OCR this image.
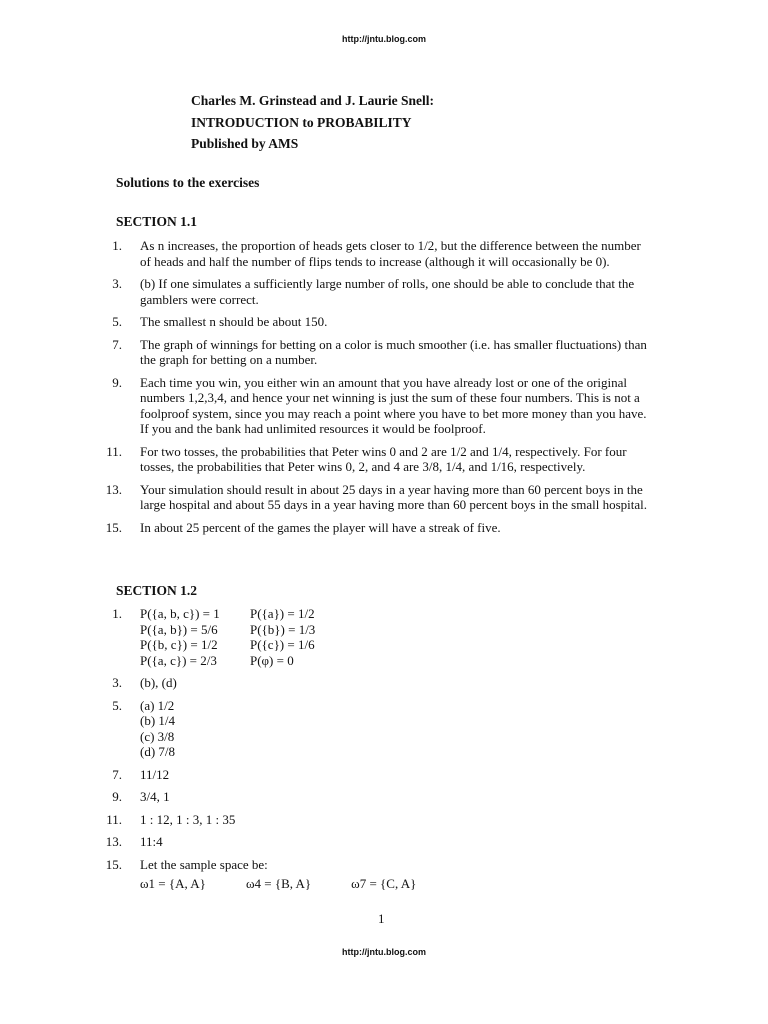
http://jntu.blog.com
Charles M. Grinstead and J. Laurie Snell:
INTRODUCTION to PROBABILITY
Published by AMS
Solutions to the exercises
SECTION 1.1
1. As n increases, the proportion of heads gets closer to 1/2, but the difference between the number
of heads and half the number of flips tends to increase (although it will occasionally be 0).
3. (b) If one simulates a sufficiently large number of rolls, one should be able to conclude that the
gamblers were correct.
5. The smallest n should be about 150.
7. The graph of winnings for betting on a color is much smoother (i.e. has smaller fluctuations) than
the graph for betting on a number.
9. Each time you win, you either win an amount that you have already lost or one of the original
numbers 1,2,3,4, and hence your net winning is just the sum of these four numbers. This is not a
foolproof system, since you may reach a point where you have to bet more money than you have.
If you and the bank had unlimited resources it would be foolproof.
11. For two tosses, the probabilities that Peter wins 0 and 2 are 1/2 and 1/4, respectively. For four
tosses, the probabilities that Peter wins 0, 2, and 4 are 3/8, 1/4, and 1/16, respectively.
13. Your simulation should result in about 25 days in a year having more than 60 percent boys in the
large hospital and about 55 days in a year having more than 60 percent boys in the small hospital.
15. In about 25 percent of the games the player will have a streak of five.
SECTION 1.2
1. P({a, b, c}) = 1	P({a}) = 1/2
P({a, b}) = 5/6	P({b}) = 1/3
P({b, c}) = 1/2	P({c}) = 1/6
P({a, c}) = 2/3	P(φ) = 0
3. (b), (d)
5. (a) 1/2
(b) 1/4
(c) 3/8
(d) 7/8
7. 11/12
9. 3/4, 1
11. 1 : 12, 1 : 3, 1 : 35
13. 11:4
15. Let the sample space be:
ω1 = {A, A}	ω4 = {B, A}	ω7 = {C, A}
1
http://jntu.blog.com
